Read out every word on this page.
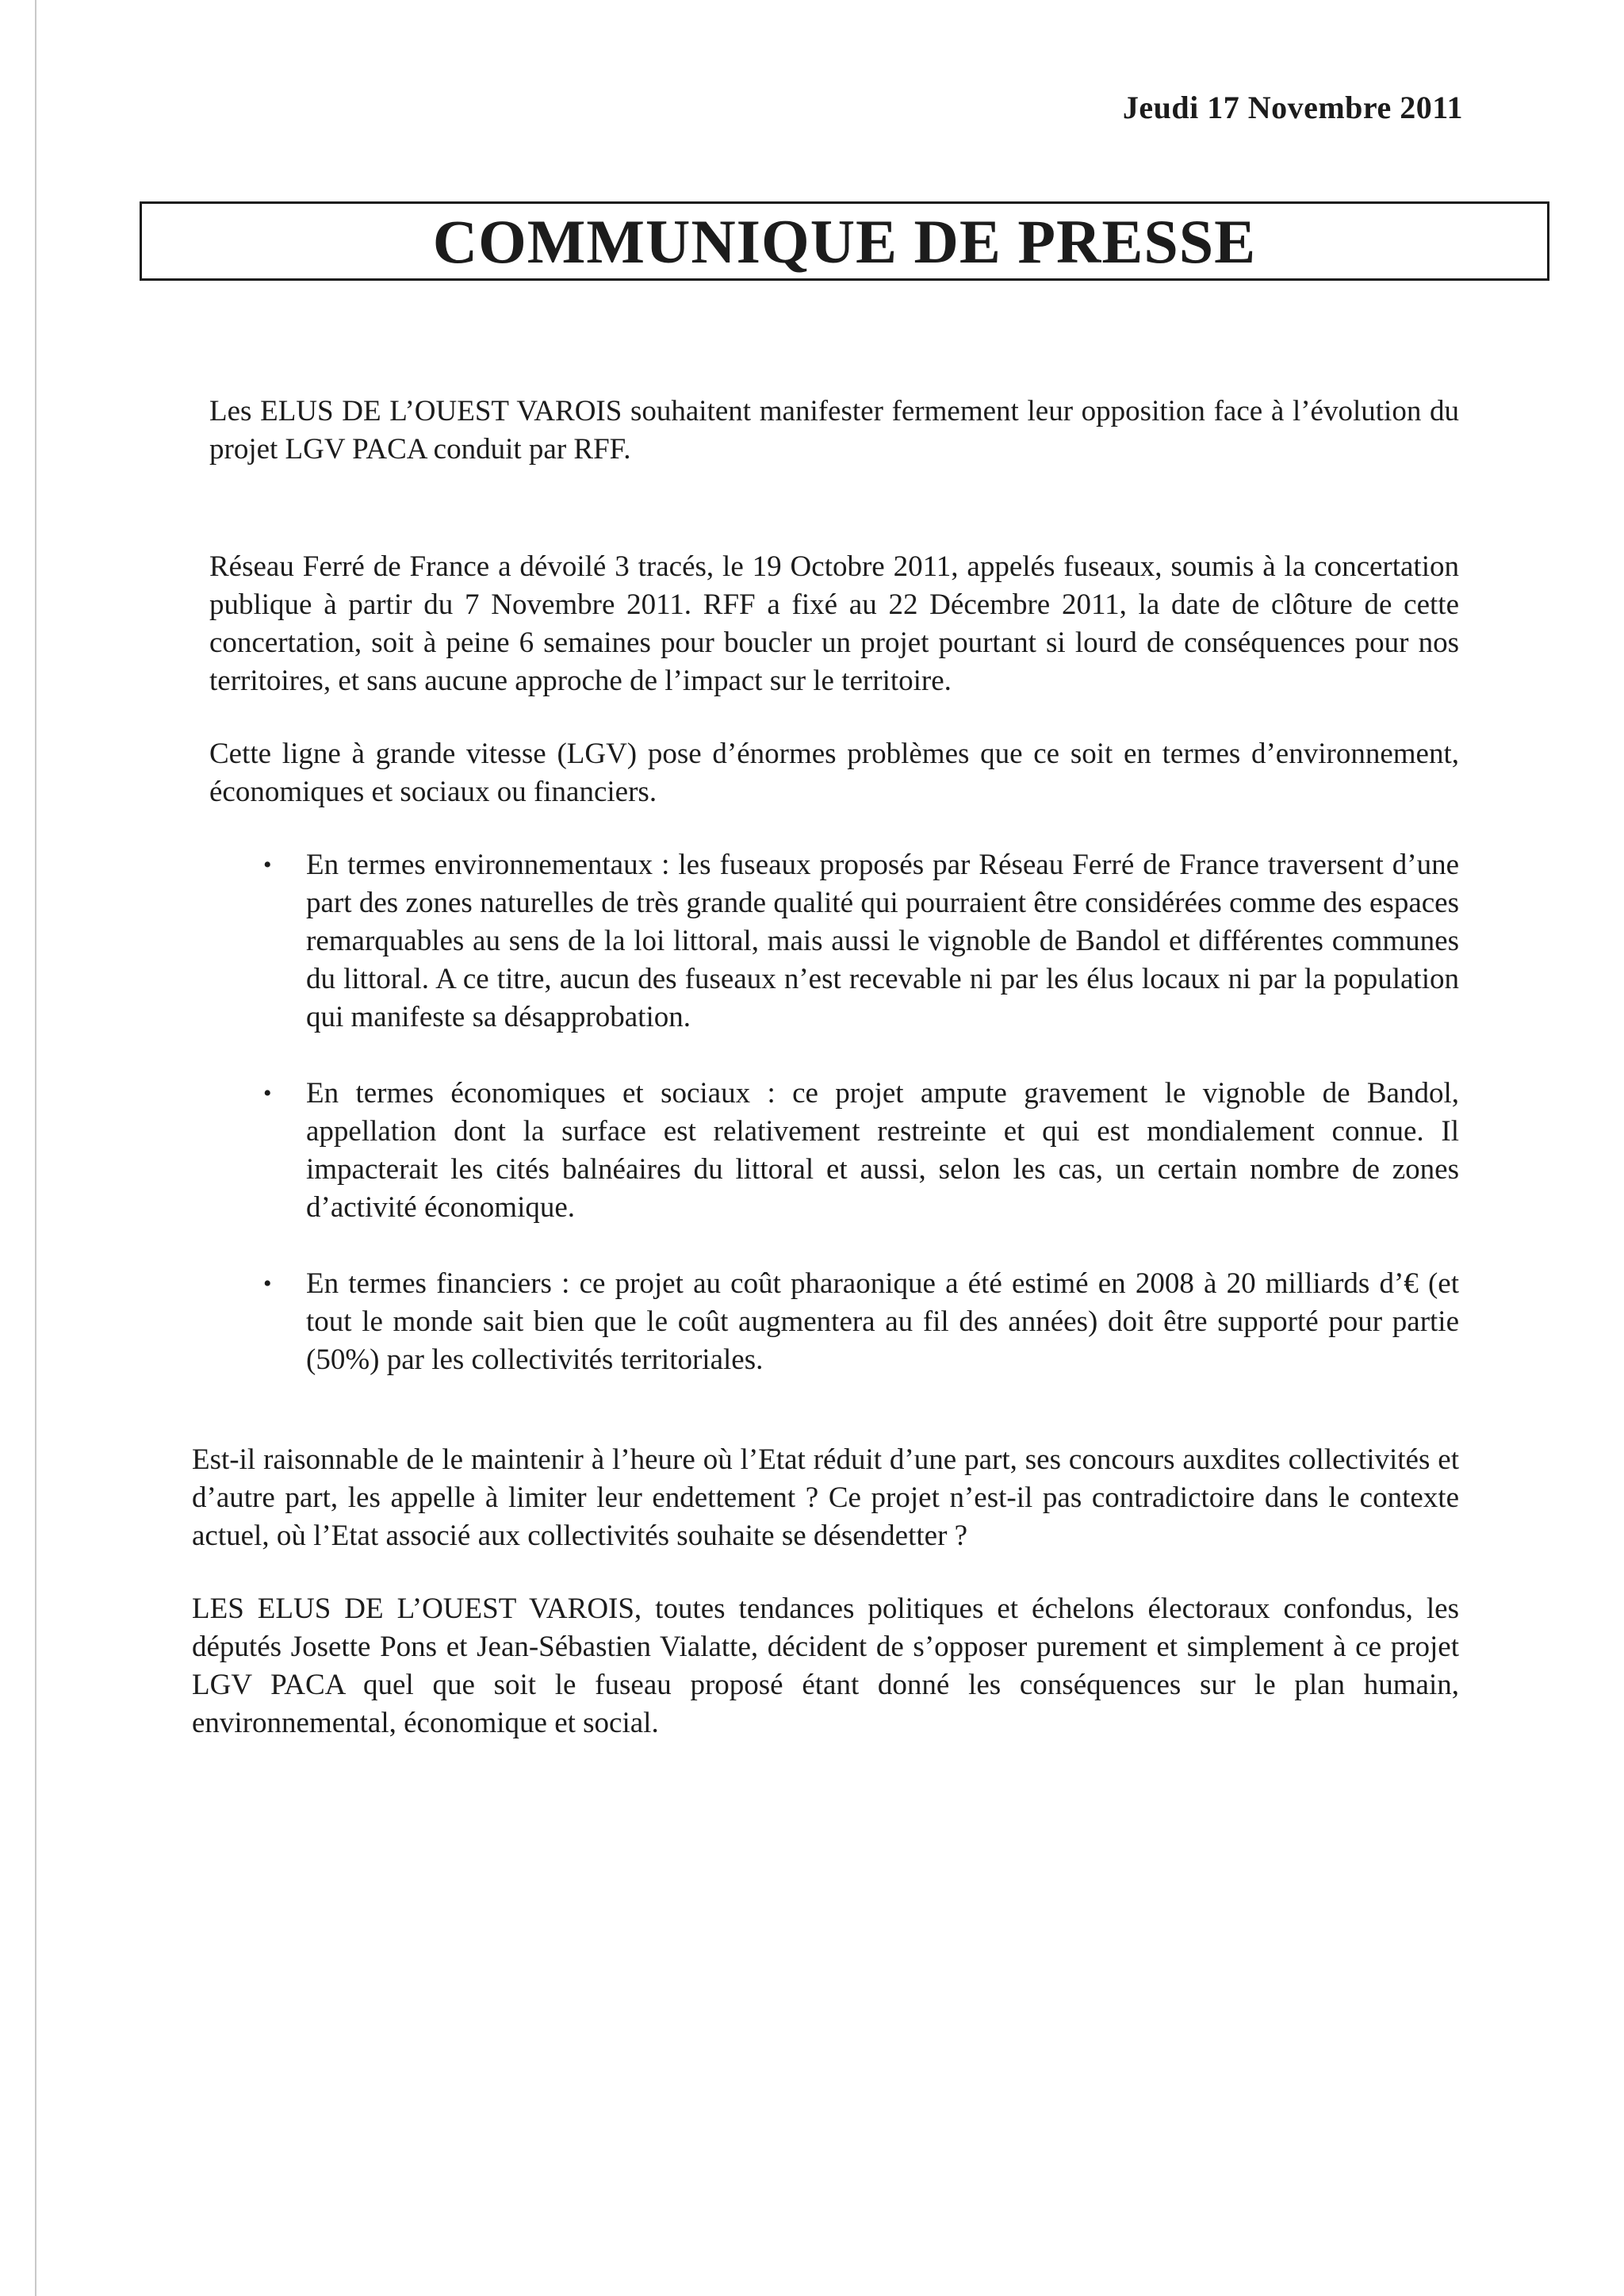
Jeudi 17 Novembre 2011
COMMUNIQUE DE PRESSE

Les ELUS DE L’OUEST VAROIS souhaitent manifester fermement leur opposition face à l’évolution du projet LGV PACA conduit par RFF.

Réseau Ferré de France a dévoilé 3 tracés, le 19 Octobre 2011, appelés fuseaux, soumis à la concertation publique à partir du 7 Novembre 2011. RFF a fixé au 22 Décembre 2011, la date de clôture de cette concertation, soit à peine 6 semaines pour boucler un projet pourtant si lourd de conséquences pour nos territoires, et sans aucune approche de l’impact sur le territoire.

Cette ligne à grande vitesse (LGV) pose d’énormes problèmes que ce soit en termes d’environnement, économiques et sociaux ou financiers.

• En termes environnementaux : les fuseaux proposés par Réseau Ferré de France traversent d’une part des zones naturelles de très grande qualité qui pourraient être considérées comme des espaces remarquables au sens de la loi littoral, mais aussi le vignoble de Bandol et différentes communes du littoral. A ce titre, aucun des fuseaux n’est recevable ni par les élus locaux ni par la population qui manifeste sa désapprobation.
• En termes économiques et sociaux : ce projet ampute gravement le vignoble de Bandol, appellation dont la surface est relativement restreinte et qui est mondialement connue. Il impacterait les cités balnéaires du littoral et aussi, selon les cas, un certain nombre de zones d’activité économique.
• En termes financiers : ce projet au coût pharaonique a été estimé en 2008 à 20 milliards d’€ (et tout le monde sait bien que le coût augmentera au fil des années) doit être supporté pour partie (50%) par les collectivités territoriales.

Est-il raisonnable de le maintenir à l’heure où l’Etat réduit d’une part, ses concours auxdites collectivités et d’autre part, les appelle à limiter leur endettement ? Ce projet n’est-il pas contradictoire dans le contexte actuel, où l’Etat associé aux collectivités souhaite se désendetter ?

LES ELUS DE L’OUEST VAROIS, toutes tendances politiques et échelons électoraux confondus, les députés Josette Pons et Jean-Sébastien Vialatte, décident de s’opposer purement et simplement à ce projet LGV PACA quel que soit le fuseau proposé étant donné les conséquences sur le plan humain, environnemental, économique et social.
